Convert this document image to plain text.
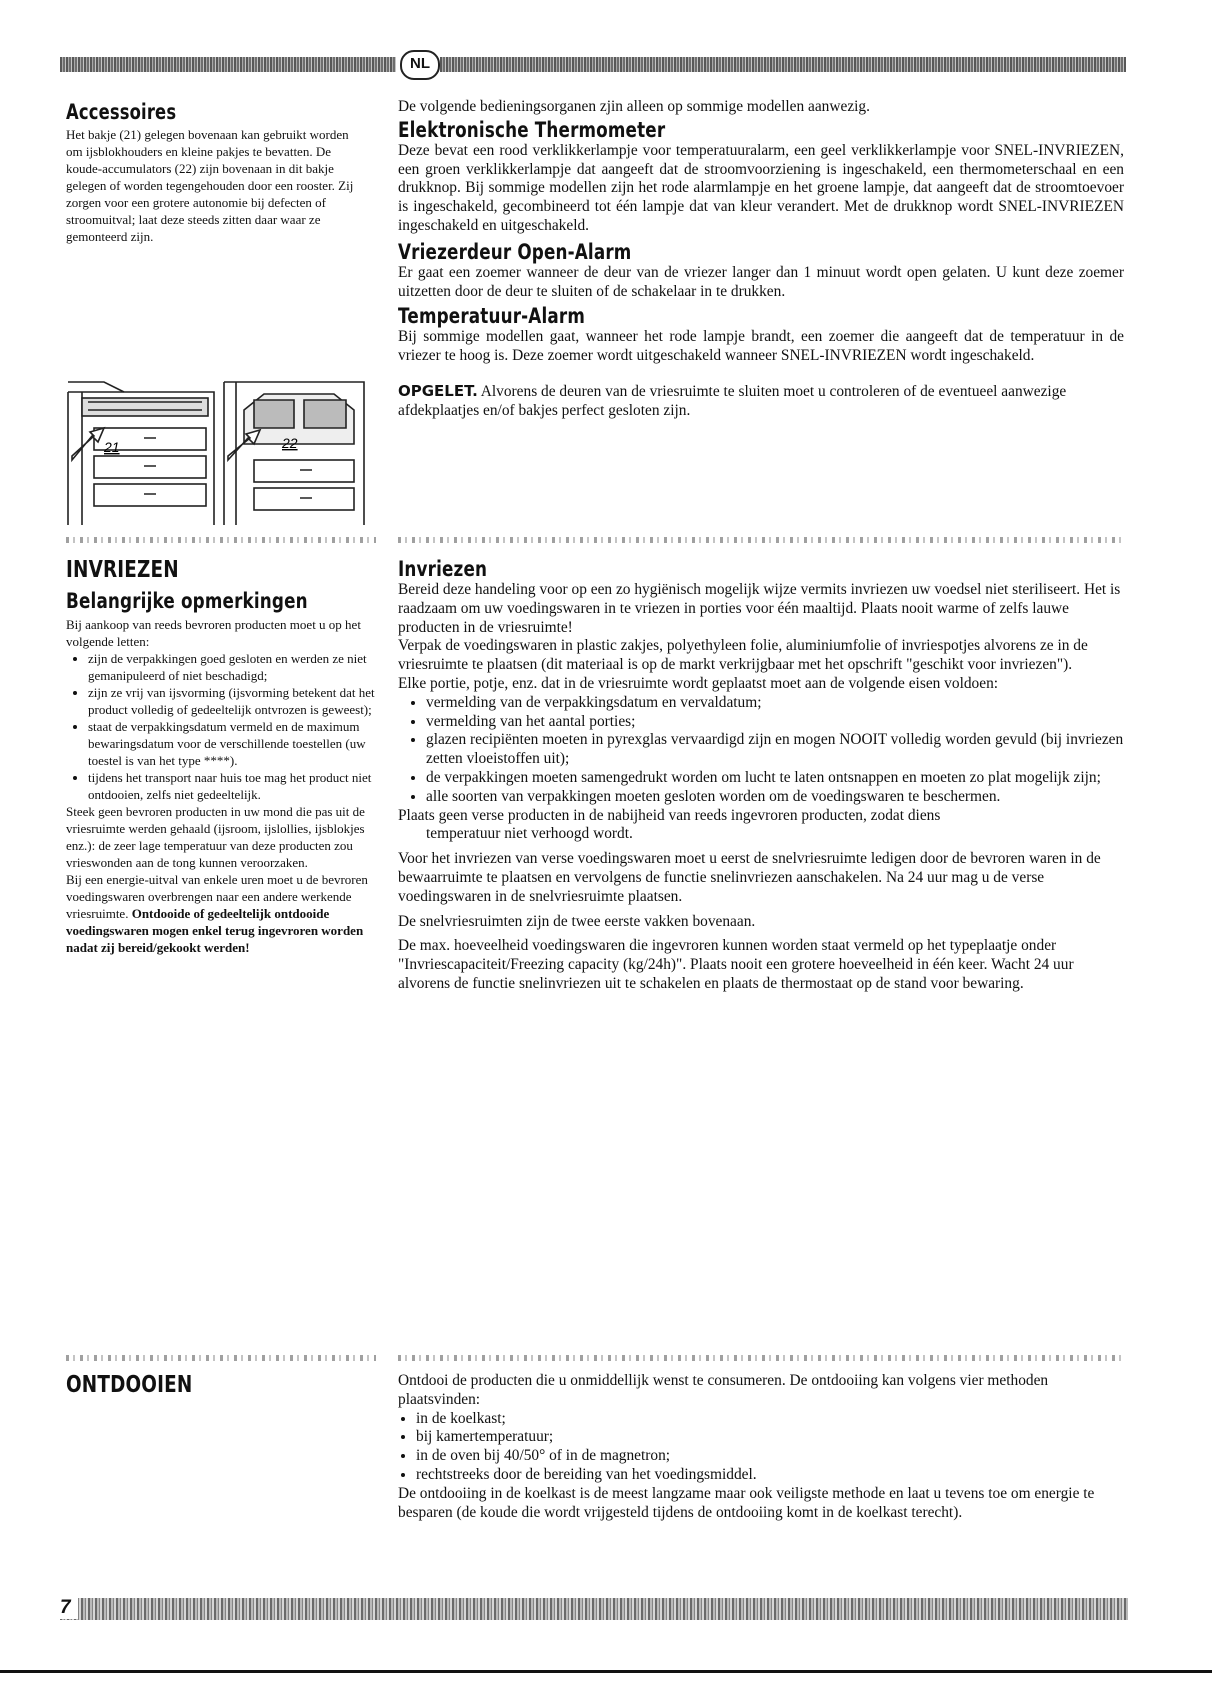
NL
Accessoires

Het bakje (21) gelegen bovenaan kan gebruikt worden om ijsblokhouders en kleine pakjes te bevatten. De koude-accumulators (22) zijn bovenaan in dit bakje gelegen of worden tegengehouden door een rooster. Zij zorgen voor een grotere autonomie bij defecten of stroomuitval; laat deze steeds zitten daar waar ze gemonteerd zijn.

21	22

De volgende bedieningsorganen zjin alleen op sommige modellen aanwezig.

Elektronische Thermometer

Deze bevat een rood verklikkerlampje voor temperatuuralarm, een geel verklikkerlampje voor SNEL-INVRIEZEN, een groen verklikkerlampje dat aangeeft dat de stroomvoorziening is ingeschakeld, een thermometerschaal en een drukknop. Bij sommige modellen zijn het rode alarmlampje en het groene lampje, dat aangeeft dat de stroomtoevoer is ingeschakeld, gecombineerd tot één lampje dat van kleur verandert. Met de drukknop wordt SNEL-INVRIEZEN ingeschakeld en uitgeschakeld.

Vriezerdeur Open-Alarm

Er gaat een zoemer wanneer de deur van de vriezer langer dan 1 minuut wordt open gelaten. U kunt deze zoemer uitzetten door de deur te sluiten of de schakelaar in te drukken.

Temperatuur-Alarm

Bij sommige modellen gaat, wanneer het rode lampje brandt, een zoemer die aangeeft dat de temperatuur in de vriezer te hoog is. Deze zoemer wordt uitgeschakeld wanneer SNEL-INVRIEZEN wordt ingeschakeld.

OPGELET. Alvorens de deuren van de vriesruimte te sluiten moet u controleren of de eventueel aanwezige afdekplaatjes en/of bakjes perfect gesloten zijn.

INVRIEZEN Belangrijke opmerkingen

Bij aankoop van reeds bevroren producten moet u op het volgende letten:

• zijn de verpakkingen goed gesloten en werden ze niet gemanipuleerd of niet beschadigd;
• zijn ze vrij van ijsvorming (ijsvorming betekent dat het product volledig of gedeeltelijk ontvrozen is geweest);
• staat de verpakkingsdatum vermeld en de maximum bewaringsdatum voor de verschillende toestellen (uw toestel is van het type ****).
• tijdens het transport naar huis toe mag het product niet ontdooien, zelfs niet gedeeltelijk.

Steek geen bevroren producten in uw mond die pas uit de vriesruimte werden gehaald (ijsroom, ijslollies, ijsblokjes enz.): de zeer lage temperatuur van deze producten zou vrieswonden aan de tong kunnen veroorzaken.

Bij een energie-uitval van enkele uren moet u de bevroren voedingswaren overbrengen naar een andere werkende vriesruimte. Ontdooide of gedeeltelijk ontdooide voedingswaren mogen enkel terug ingevroren worden nadat zij bereid/gekookt werden!

Invriezen

Bereid deze handeling voor op een zo hygiënisch mogelijk wijze vermits invriezen uw voedsel niet steriliseert. Het is raadzaam om uw voedingswaren in te vriezen in porties voor één maaltijd. Plaats nooit warme of zelfs lauwe producten in de vriesruimte!

Verpak de voedingswaren in plastic zakjes, polyethyleen folie, aluminiumfolie of invriespotjes alvorens ze in de vriesruimte te plaatsen (dit materiaal is op de markt verkrijgbaar met het opschrift "geschikt voor invriezen").

Elke portie, potje, enz. dat in de vriesruimte wordt geplaatst moet aan de volgende eisen voldoen:

• vermelding van de verpakkingsdatum en vervaldatum;
• vermelding van het aantal porties;
• glazen recipiënten moeten in pyrexglas vervaardigd zijn en mogen NOOIT volledig worden gevuld (bij invriezen zetten vloeistoffen uit);
• de verpakkingen moeten samengedrukt worden om lucht te laten ontsnappen en moeten zo plat mogelijk zijn;
• alle soorten van verpakkingen moeten gesloten worden om de voedingswaren te beschermen.

Plaats geen verse producten in de nabijheid van reeds ingevroren producten, zodat diens

temperatuur niet verhoogd wordt.

Voor het invriezen van verse voedingswaren moet u eerst de snelvriesruimte ledigen door de bevroren waren in de bewaarruimte te plaatsen en vervolgens de functie snelinvriezen aanschakelen. Na 24 uur mag u de verse voedingswaren in de snelvriesruimte plaatsen.

De snelvriesruimten zijn de twee eerste vakken bovenaan.

De max. hoeveelheid voedingswaren die ingevroren kunnen worden staat vermeld op het typeplaatje onder "Invriescapaciteit/Freezing capacity (kg/24h)". Plaats nooit een grotere hoeveelheid in één keer. Wacht 24 uur alvorens de functie snelinvriezen uit te schakelen en plaats de thermostaat op de stand voor bewaring.

ONTDOOIEN	Ontdooi de producten die u onmiddellijk wenst te consumeren. De ontdooiing kan volgens vier methoden plaatsvinden:

• in de koelkast;
• bij kamertemperatuur;
• in de oven bij 40/50° of in de magnetron;
• rechtstreeks door de bereiding van het voedingsmiddel.

De ontdooiing in de koelkast is de meest langzame maar ook veiligste methode en laat u tevens toe om energie te besparen (de koude die wordt vrijgesteld tijdens de ontdooiing komt in de koelkast terecht).

7
